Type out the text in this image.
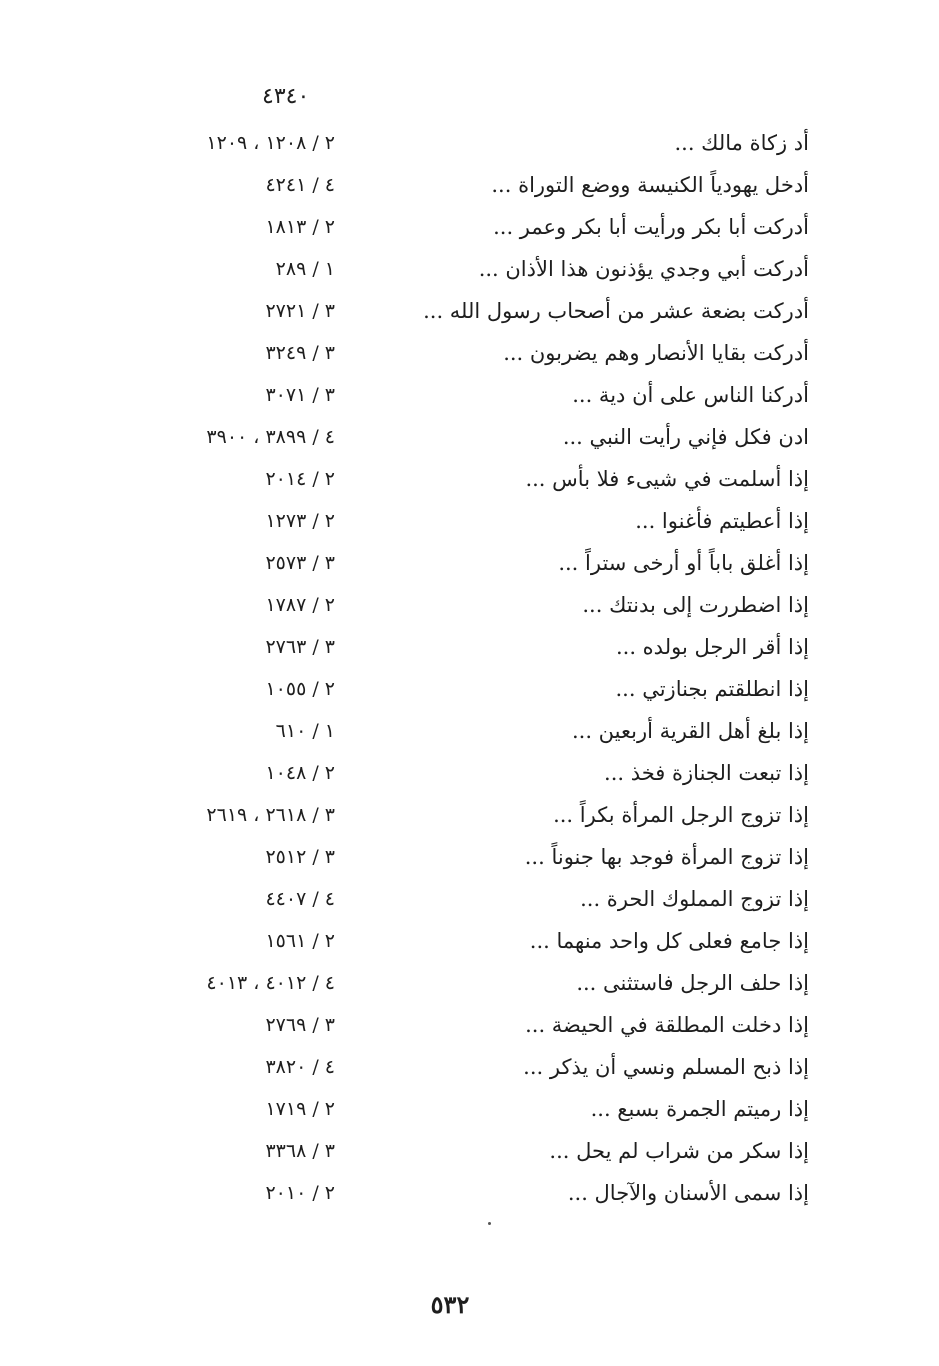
٤٣٤٠
أد زكاة مالك ...
٢ / ١٢٠٨ ، ١٢٠٩
أدخل يهودياً الكنيسة ووضع التوراة ...
٤ / ٤٢٤١
أدركت أبا بكر ورأيت أبا بكر وعمر ...
٢ / ١٨١٣
أدركت أبي وجدي يؤذنون هذا الأذان ...
١ / ٢٨٩
أدركت بضعة عشر من أصحاب رسول الله ...
٣ / ٢٧٢١
أدركت بقايا الأنصار وهم يضربون ...
٣ / ٣٢٤٩
أدركنا الناس على أن دية ...
٣ / ٣٠٧١
ادن فكل فإني رأيت النبي ...
٤ / ٣٨٩٩ ، ٣٩٠٠
إذا أسلمت في شيىء فلا بأس ...
٢ / ٢٠١٤
إذا أعطيتم فأغنوا ...
٢ / ١٢٧٣
إذا أغلق باباً أو أرخى ستراً ...
٣ / ٢٥٧٣
إذا اضطررت إلى بدنتك ...
٢ / ١٧٨٧
إذا أقر الرجل بولده ...
٣ / ٢٧٦٣
إذا انطلقتم بجنازتي ...
٢ / ١٠٥٥
إذا بلغ أهل القرية أربعين ...
١ / ٦١٠
إذا تبعت الجنازة فخذ ...
٢ / ١٠٤٨
إذا تزوج الرجل المرأة بكراً ...
٣ / ٢٦١٨ ، ٢٦١٩
إذا تزوج المرأة فوجد بها جنوناً ...
٣ / ٢٥١٢
إذا تزوج المملوك الحرة ...
٤ / ٤٤٠٧
إذا جامع فعلى كل واحد منهما ...
٢ / ١٥٦١
إذا حلف الرجل فاستثنى ...
٤ / ٤٠١٢ ، ٤٠١٣
إذا دخلت المطلقة في الحيضة ...
٣ / ٢٧٦٩
إذا ذبح المسلم ونسي أن يذكر ...
٤ / ٣٨٢٠
إذا رميتم الجمرة بسبع ...
٢ / ١٧١٩
إذا سكر من شراب لم يحل ...
٣ / ٣٣٦٨
إذا سمى الأسنان والآجال ...
٢ / ٢٠١٠
٥٣٢
